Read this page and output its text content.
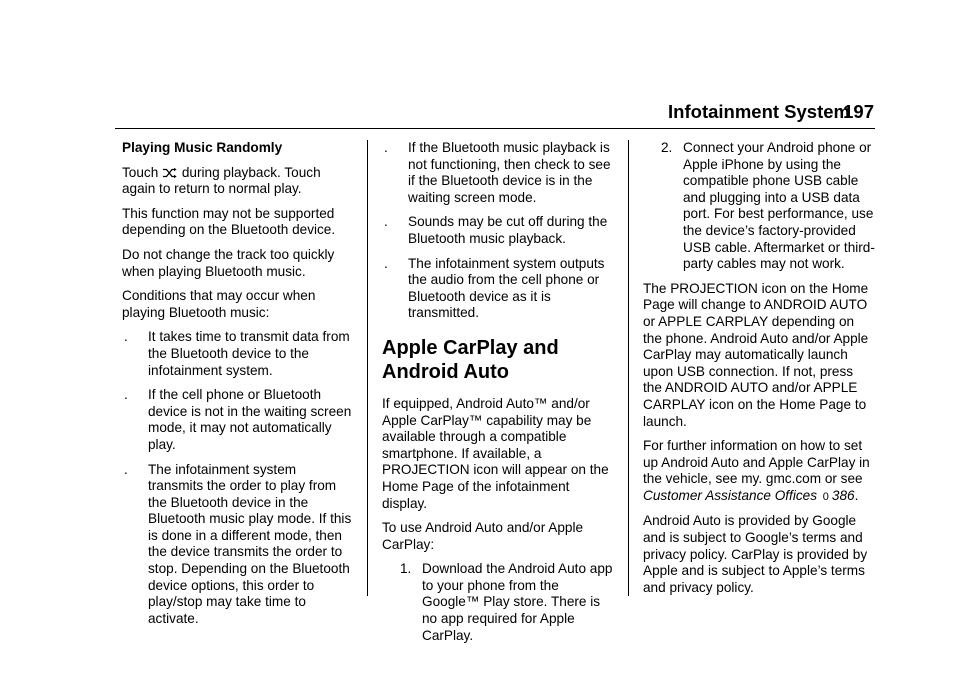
Infotainment System
197

Playing Music Randomly

Touch during playback. Touch
again to return to normal play.

This function may not be supported depending on the Bluetooth device.

Do not change the track too quickly when playing Bluetooth music.

Conditions that may occur when playing Bluetooth music:

.	It takes time to transmit data from the Bluetooth device to the infotainment system.
.	If the cell phone or Bluetooth device is not in the waiting screen mode, it may not automatically play.
.	The infotainment system transmits the order to play from the Bluetooth device in the Bluetooth music play mode. If this is done in a different mode, then the device transmits the order to stop. Depending on the Bluetooth device options, this order to play/stop may take time to activate.
.	If the Bluetooth music playback is not functioning, then check to see if the Bluetooth device is in the waiting screen mode.
.	Sounds may be cut off during the Bluetooth music playback.
.	The infotainment system outputs the audio from the cell phone or Bluetooth device as it is transmitted.
Apple CarPlay and
Android Auto

If equipped, Android Auto™ and/or Apple CarPlay™ capability may be available through a compatible smartphone. If available, a PROJECTION icon will appear on the Home Page of the infotainment display.

To use Android Auto and/or Apple CarPlay:

1. Download the Android Auto app to your phone from the Google™ Play store. There is no app required for Apple CarPlay.
2. Connect your Android phone or Apple iPhone by using the compatible phone USB cable and plugging into a USB data port. For best performance, use the device’s factory-provided USB cable. Aftermarket or third-party cables may not work.

The PROJECTION icon on the Home Page will change to ANDROID AUTO or APPLE CARPLAY depending on the phone. Android Auto and/or Apple CarPlay may automatically launch upon USB connection. If not, press the ANDROID AUTO and/or APPLE CARPLAY icon on the Home Page to launch.

For further information on how to set up Android Auto and Apple CarPlay in the vehicle, see my. gmc.com or see Customer Assistance Offices 0 386.

Android Auto is provided by Google and is subject to Google’s terms and privacy policy. CarPlay is provided by Apple and is subject to Apple’s terms and privacy policy.
